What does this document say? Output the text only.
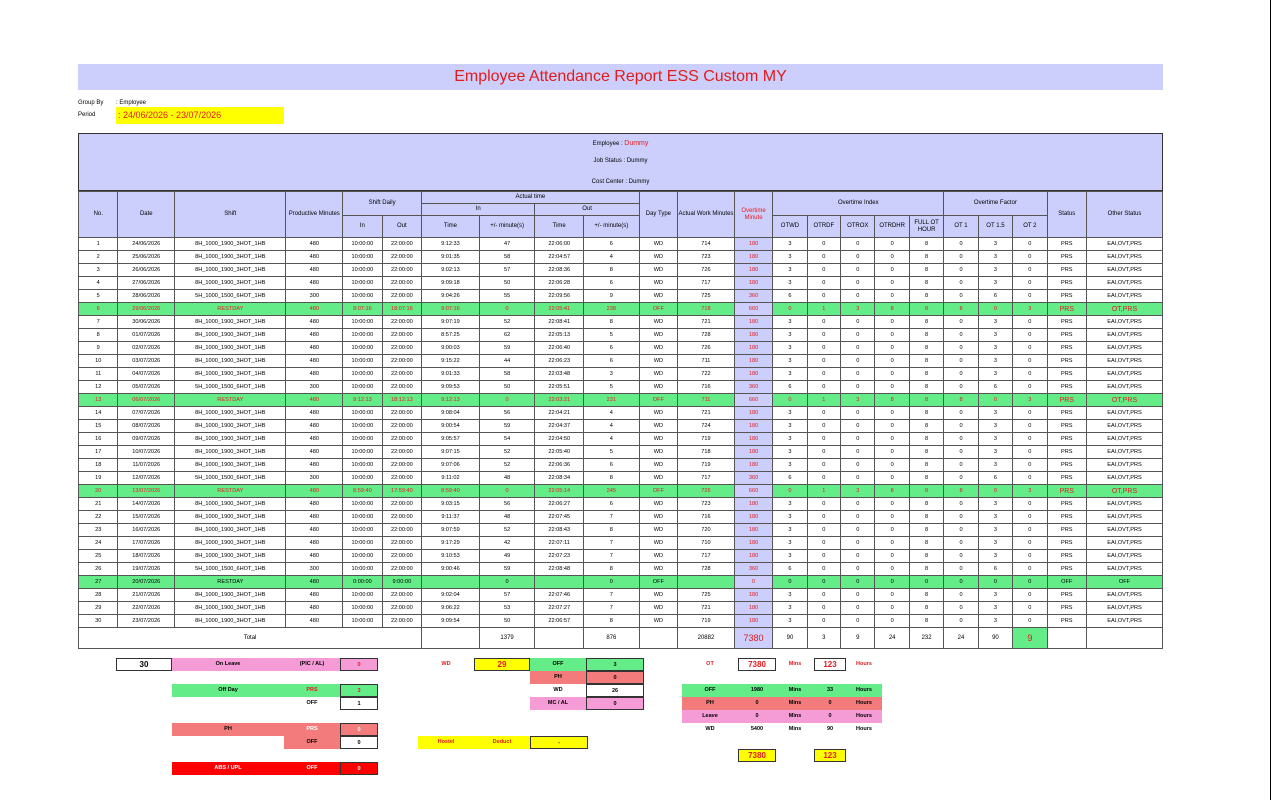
Employee Attendance Report ESS Custom MY
Group By : Employee
Period	: 24/06/2026 - 23/07/2026
Employee : Dummy
Job Status : Dummy
Cost Center : Dummy
No.	Date	Shift	Productive Minutes	Shift Daily		Actual time				Day Type	Actual Work Minutes	Overtime Minute	Overtime Index					Overtime Factor			Status	Other Status
						In		Out														
				In	Out	Time	+/- minute(s)	Time	+/- minute(s)				OTWD	OTRDF	OTROX	OTRDHR	FULL OT HOUR	OT 1	OT 1.5	OT 2		
1	24/06/2026	8H_1000_1900_3HOT_1HB	480	10:00:00	22:00:00	9:12:33	47	22:06:00	6	WD	714	180	3	0	0	0	8	0	3	0	PRS	EAI,OVT,PRS
2	25/06/2026	8H_1000_1900_3HOT_1HB	480	10:00:00	22:00:00	9:01:35	58	22:04:57	4	WD	723	180	3	0	0	0	8	0	3	0	PRS	EAI,OVT,PRS
3	26/06/2026	8H_1000_1900_3HOT_1HB	480	10:00:00	22:00:00	9:02:13	57	22:08:36	8	WD	726	180	3	0	0	0	8	0	3	0	PRS	EAI,OVT,PRS
4	27/06/2026	8H_1000_1900_3HOT_1HB	480	10:00:00	22:00:00	9:09:18	50	22:06:28	6	WD	717	180	3	0	0	0	8	0	3	0	PRS	EAI,OVT,PRS
5	28/06/2026	5H_1000_1500_6HOT_1HB	300	10:00:00	22:00:00	9:04:26	55	22:09:56	9	WD	725	360	6	0	0	0	8	0	6	0	PRS	EAI,OVT,PRS
6	29/06/2026	RESTDAY	480	9:07:16	18:07:16	9:07:16	0	22:05:41	238	OFF	718	660	0	1	3	8	8	8	0	3	PRS	OT,PRS
7	30/06/2026	8H_1000_1900_3HOT_1HB	480	10:00:00	22:00:00	9:07:19	52	22:08:41	8	WD	721	180	3	0	0	0	8	0	3	0	PRS	EAI,OVT,PRS
8	01/07/2026	8H_1000_1900_3HOT_1HB	480	10:00:00	22:00:00	8:57:25	62	22:05:13	5	WD	728	180	3	0	0	0	8	0	3	0	PRS	EAI,OVT,PRS
9	02/07/2026	8H_1000_1900_3HOT_1HB	480	10:00:00	22:00:00	9:00:03	59	22:06:40	6	WD	726	180	3	0	0	0	8	0	3	0	PRS	EAI,OVT,PRS
10	03/07/2026	8H_1000_1900_3HOT_1HB	480	10:00:00	22:00:00	9:15:22	44	22:06:23	6	WD	711	180	3	0	0	0	8	0	3	0	PRS	EAI,OVT,PRS
11	04/07/2026	8H_1000_1900_3HOT_1HB	480	10:00:00	22:00:00	9:01:33	58	22:03:48	3	WD	722	180	3	0	0	0	8	0	3	0	PRS	EAI,OVT,PRS
12	05/07/2026	5H_1000_1500_6HOT_1HB	300	10:00:00	22:00:00	9:09:53	50	22:05:51	5	WD	716	360	6	0	0	0	8	0	6	0	PRS	EAI,OVT,PRS
13	06/07/2026	RESTDAY	480	9:12:13	18:12:13	9:12:13	0	22:03:21	231	OFF	711	660	0	1	3	8	8	8	0	3	PRS	OT,PRS
14	07/07/2026	8H_1000_1900_3HOT_1HB	480	10:00:00	22:00:00	9:08:04	56	22:04:21	4	WD	721	180	3	0	0	0	8	0	3	0	PRS	EAI,OVT,PRS
15	08/07/2026	8H_1000_1900_3HOT_1HB	480	10:00:00	22:00:00	9:00:54	59	22:04:37	4	WD	724	180	3	0	0	0	8	0	3	0	PRS	EAI,OVT,PRS
16	09/07/2026	8H_1000_1900_3HOT_1HB	480	10:00:00	22:00:00	9:05:57	54	22:04:50	4	WD	719	180	3	0	0	0	8	0	3	0	PRS	EAI,OVT,PRS
17	10/07/2026	8H_1000_1900_3HOT_1HB	480	10:00:00	22:00:00	9:07:15	52	22:05:40	5	WD	718	180	3	0	0	0	8	0	3	0	PRS	EAI,OVT,PRS
18	11/07/2026	8H_1000_1900_3HOT_1HB	480	10:00:00	22:00:00	9:07:06	52	22:06:36	6	WD	719	180	3	0	0	0	8	0	3	0	PRS	EAI,OVT,PRS
19	12/07/2026	5H_1000_1500_6HOT_1HB	300	10:00:00	22:00:00	9:11:02	48	22:08:34	8	WD	717	360	6	0	0	0	8	0	6	0	PRS	EAI,OVT,PRS
20	13/07/2026	RESTDAY	480	8:59:40	17:59:40	8:59:40	0	22:05:14	245	OFF	726	660	0	1	3	8	8	8	0	3	PRS	OT,PRS
21	14/07/2026	8H_1000_1900_3HOT_1HB	480	10:00:00	22:00:00	9:03:15	56	22:06:27	6	WD	723	180	3	0	0	0	8	0	3	0	PRS	EAI,OVT,PRS
22	15/07/2026	8H_1000_1900_3HOT_1HB	480	10:00:00	22:00:00	9:11:37	48	22:07:45	7	WD	716	180	3	0	0	0	8	0	3	0	PRS	EAI,OVT,PRS
23	16/07/2026	8H_1000_1900_3HOT_1HB	480	10:00:00	22:00:00	9:07:59	52	22:08:43	8	WD	720	180	3	0	0	0	8	0	3	0	PRS	EAI,OVT,PRS
24	17/07/2026	8H_1000_1900_3HOT_1HB	480	10:00:00	22:00:00	9:17:29	42	22:07:11	7	WD	710	180	3	0	0	0	8	0	3	0	PRS	EAI,OVT,PRS
25	18/07/2026	8H_1000_1900_3HOT_1HB	480	10:00:00	22:00:00	9:10:53	49	22:07:23	7	WD	717	180	3	0	0	0	8	0	3	0	PRS	EAI,OVT,PRS
26	19/07/2026	5H_1000_1500_6HOT_1HB	300	10:00:00	22:00:00	9:00:46	59	22:08:48	8	WD	728	360	6	0	0	0	8	0	6	0	PRS	EAI,OVT,PRS
27	20/07/2026	RESTDAY	480	0:00:00	9:00:00		0		0	OFF		0	0	0	0	0	0	0	0	0	OFF	OFF
28	21/07/2026	8H_1000_1900_3HOT_1HB	480	10:00:00	22:00:00	9:02:04	57	22:07:46	7	WD	725	180	3	0	0	0	8	0	3	0	PRS	EAI,OVT,PRS
29	22/07/2026	8H_1000_1900_3HOT_1HB	480	10:00:00	22:00:00	9:06:22	53	22:07:27	7	WD	721	180	3	0	0	0	8	0	3	0	PRS	EAI,OVT,PRS
30	23/07/2026	8H_1000_1900_3HOT_1HB	480	10:00:00	22:00:00	9:09:54	50	22:06:57	8	WD	719	180	3	0	0	0	8	0	3	0	PRS	EAI,OVT,PRS
Total							1379		876		20882	7380	90	3	9	24	232	24	90	9		
30	On Leave	(PIC / AL)	0
Off Day	PRS	3
OFF	1
PH	PRS	0
OFF	0
ABS / UPL	OFF	0
WD	29	OFF	3
PH	0
WD	26
MC / AL	0
Hostel	Deduct	-
OT	7380	Mins	123	Hours
OFF	1980	Mins	33	Hours
PH	0	Mins	0	Hours
Leave	0	Mins	0	Hours
WD	5400	Mins	90	Hours
7380	123
